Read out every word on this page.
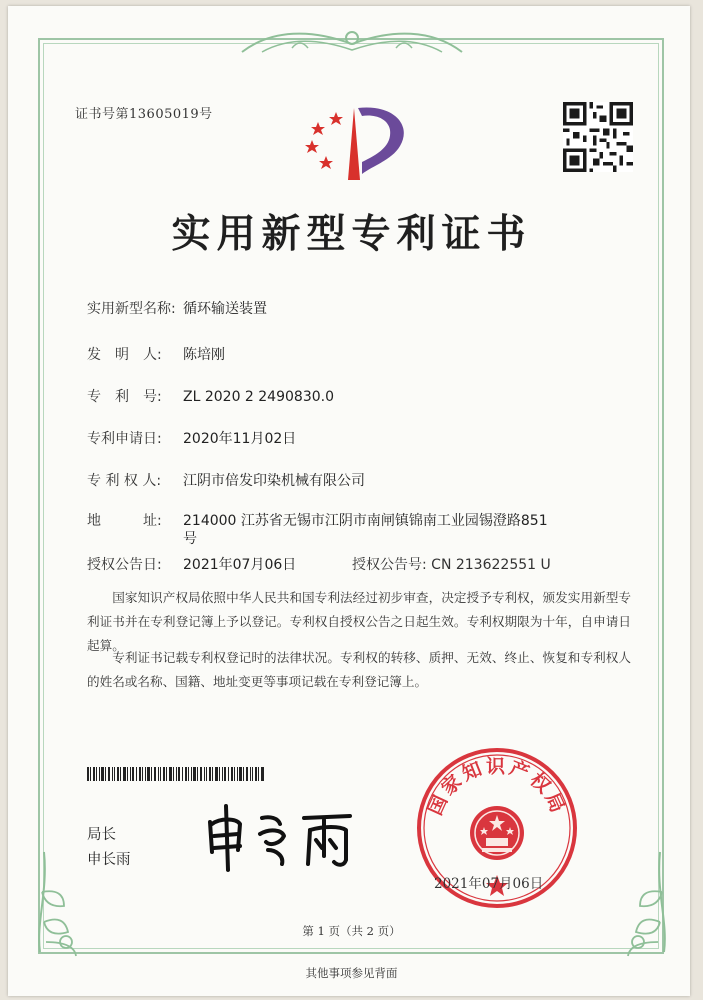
证书号第13605019号
实用新型专利证书
实用新型名称: 循环输送装置
发　明　人: 陈培刚
专　利　号: ZL 2020 2 2490830.0
专利申请日: 2020年11月02日
专 利 权 人: 江阴市倍发印染机械有限公司
地　　　址: 214000 江苏省无锡市江阴市南闸镇锦南工业园锡澄路851
号
授权公告日: 2021年07月06日	授权公告号: CN 213622551 U
国家知识产权局依照中华人民共和国专利法经过初步审查，决定授予专利权，颁发实用新型专利证书并在专利登记簿上予以登记。专利权自授权公告之日起生效。专利权期限为十年，自申请日起算。
专利证书记载专利权登记时的法律状况。专利权的转移、质押、无效、终止、恢复和专利权人的姓名或名称、国籍、地址变更等事项记载在专利登记簿上。
局长
申长雨
国家知识产权局
2021年07月06日
第 1 页（共 2 页）
其他事项参见背面
